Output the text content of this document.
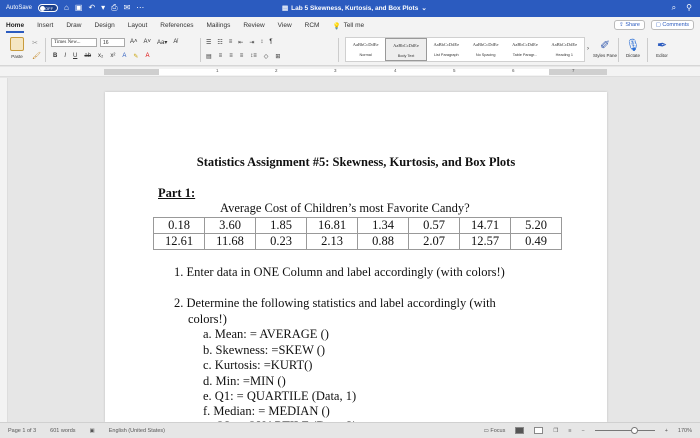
AutoSave	OFF	⌂ ▣ ↶ ▾ ⎙ ✉ ⋯	▤ Lab 5 Skewness, Kurtosis, and Box Plots ⌄	⌕ ⚲
Home Insert Draw Design Layout References Mailings Review View RCM 💡 Tell me	⇪ Share	▢ Comments
Paste
✂
🖌
Times New...	16	A˄ A˅ Aa▾ A̸
B I U ab x₂ x² A ✎ A
☰ ☷ ≡ ⇤ ⇥ ↕ ¶
▤ ≡ ≡ ≡ ↕≡ ◇ ⊞
AaBbCcDdEe
Normal
AaBbCcDdEe
Body Text
AaBbCcDdEe
List Paragraph
AaBbCcDdEe
No Spacing
AaBbCcDdEe
Table Paragr...
AaBbCcDdEe
Heading 1
› ✐
Styles Pane
🎙
Dictate
✒
Editor
1	2	3	4	5	6	7
Statistics Assignment #5: Skewness, Kurtosis, and Box Plots
Part 1:
Average Cost of Children’s most Favorite Candy?
0.18	3.60	1.85	16.81	1.34	0.57	14.71	5.20
12.61	11.68	0.23	2.13	0.88	2.07	12.57	0.49
1. Enter data in ONE Column and label accordingly (with colors!)
2. Determine the following statistics and label accordingly (with
colors!)
a. Mean: = AVERAGE ()
b. Skewness: =SKEW ()
c. Kurtosis: =KURT()
d. Min: =MIN ()
e. Q1: = QUARTILE (Data, 1)
f. Median: = MEDIAN ()
Page 1 of 3	601 words	▣	English (United States)	▭ Focus	❒ ≡ −	+ 170%
